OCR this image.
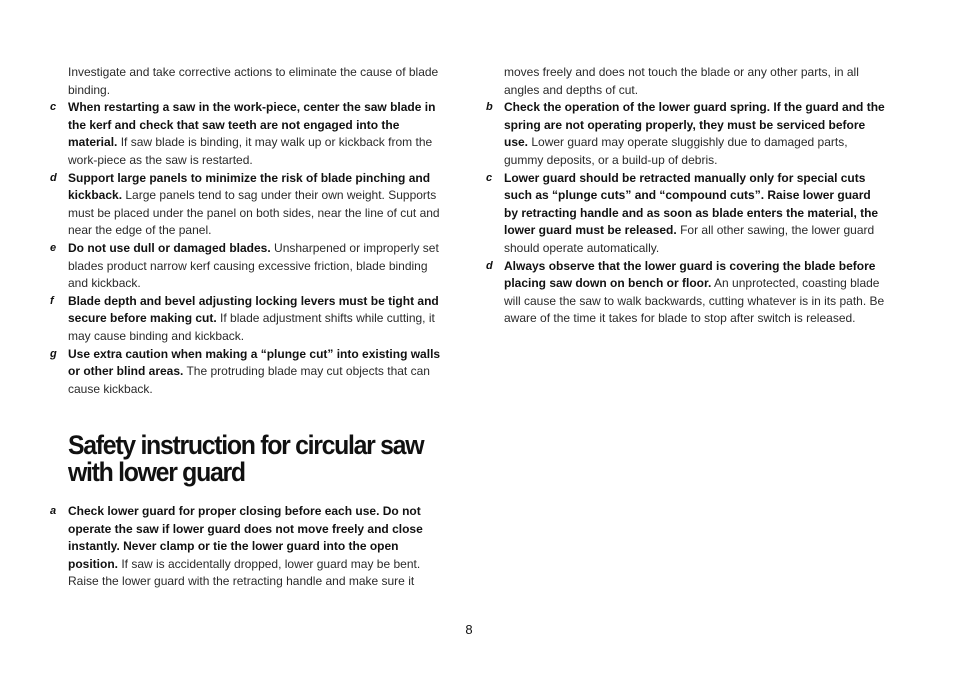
Investigate and take corrective actions to eliminate the cause of blade binding.

c When restarting a saw in the work-piece, center the saw blade in the kerf and check that saw teeth are not engaged into the material. If saw blade is binding, it may walk up or kickback from the work-piece as the saw is restarted.
d Support large panels to minimize the risk of blade pinching and kickback. Large panels tend to sag under their own weight. Supports must be placed under the panel on both sides, near the line of cut and near the edge of the panel.
e Do not use dull or damaged blades. Unsharpened or improperly set blades product narrow kerf causing excessive friction, blade binding and kickback.
f Blade depth and bevel adjusting locking levers must be tight and secure before making cut. If blade adjustment shifts while cutting, it may cause binding and kickback.
g Use extra caution when making a “plunge cut” into existing walls or other blind areas. The protruding blade may cut objects that can cause kickback.
Safety instruction for circular saw with lower guard
a Check lower guard for proper closing before each use. Do not operate the saw if lower guard does not move freely and close instantly. Never clamp or tie the lower guard into the open position. If saw is accidentally dropped, lower guard may be bent. Raise the lower guard with the retracting handle and make sure it

moves freely and does not touch the blade or any other parts, in all angles and depths of cut.

b Check the operation of the lower guard spring. If the guard and the spring are not operating properly, they must be serviced before use. Lower guard may operate sluggishly due to damaged parts, gummy deposits, or a build-up of debris.
c Lower guard should be retracted manually only for special cuts such as “plunge cuts” and “compound cuts”. Raise lower guard by retracting handle and as soon as blade enters the material, the lower guard must be released. For all other sawing, the lower guard should operate automatically.
d Always observe that the lower guard is covering the blade before placing saw down on bench or floor. An unprotected, coasting blade will cause the saw to walk backwards, cutting whatever is in its path. Be aware of the time it takes for blade to stop after switch is released.
8
